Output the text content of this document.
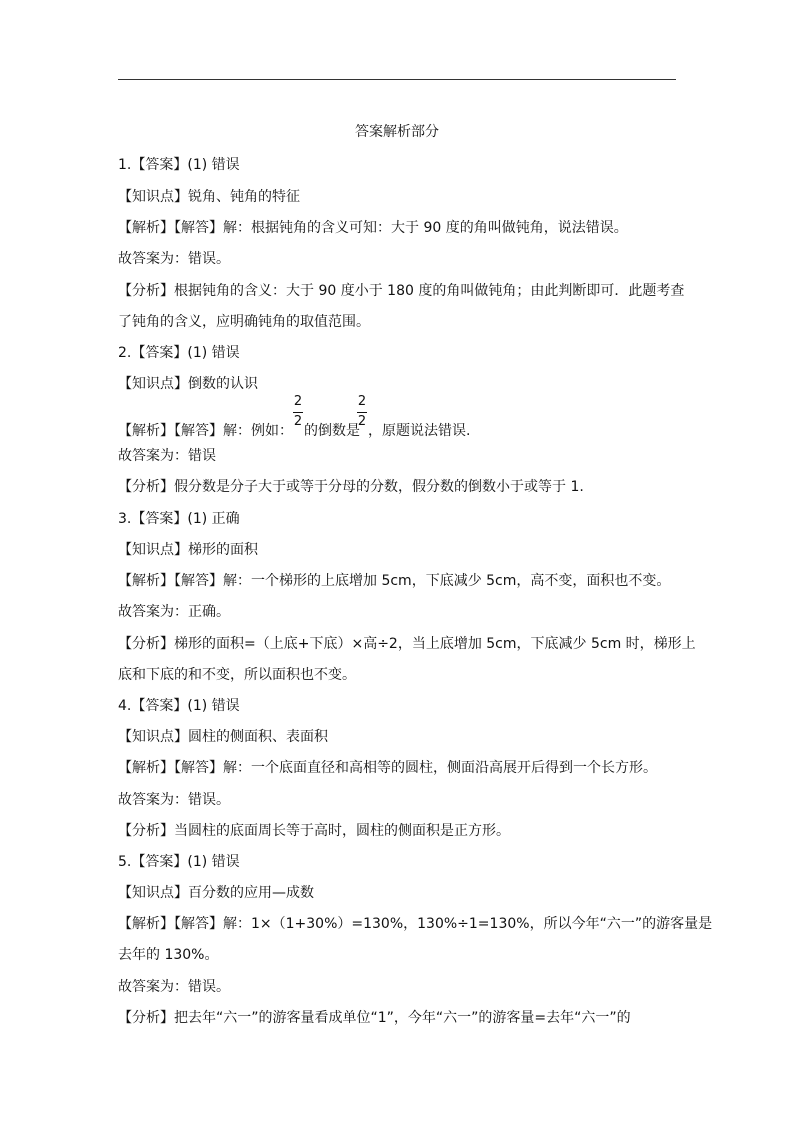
答案解析部分
1.【答案】(1) 错误
【知识点】锐角、钝角的特征
【解析】【解答】解：根据钝角的含义可知：大于 90 度的角叫做钝角，说法错误。
故答案为：错误。
【分析】根据钝角的含义：大于 90 度小于 180 度的角叫做钝角；由此判断即可．此题考查
了钝角的含义，应明确钝角的取值范围。
2.【答案】(1) 错误
【知识点】倒数的认识
【解析】【解答】解：例如：
2
2
的倒数是
2
2
，原题说法错误.
故答案为：错误
【分析】假分数是分子大于或等于分母的分数，假分数的倒数小于或等于 1.
3.【答案】(1) 正确
【知识点】梯形的面积
【解析】【解答】解：一个梯形的上底增加 5cm，下底减少 5cm，高不变，面积也不变。
故答案为：正确。
【分析】梯形的面积=（上底+下底）×高÷2，当上底增加 5cm，下底减少 5cm 时，梯形上
底和下底的和不变，所以面积也不变。
4.【答案】(1) 错误
【知识点】圆柱的侧面积、表面积
【解析】【解答】解：一个底面直径和高相等的圆柱，侧面沿高展开后得到一个长方形。
故答案为：错误。
【分析】当圆柱的底面周长等于高时，圆柱的侧面积是正方形。
5.【答案】(1) 错误
【知识点】百分数的应用—成数
【解析】【解答】解：1×（1+30%）=130%，130%÷1=130%，所以今年“六一”的游客量是
去年的 130%。
故答案为：错误。
【分析】把去年“六一”的游客量看成单位“1”，今年“六一”的游客量=去年“六一”的
